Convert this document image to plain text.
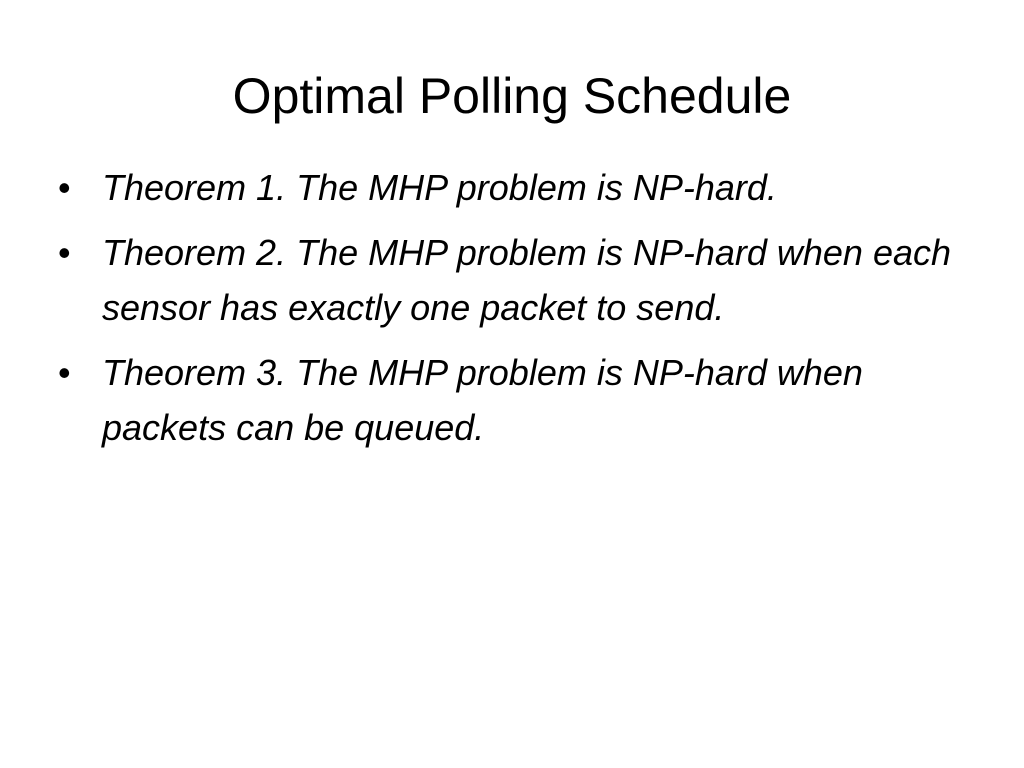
Optimal Polling Schedule
• Theorem 1. The MHP problem is NP-hard.
• Theorem 2. The MHP problem is NP-hard when each sensor has exactly one packet to send.
• Theorem 3. The MHP problem is NP-hard when packets can be queued.
